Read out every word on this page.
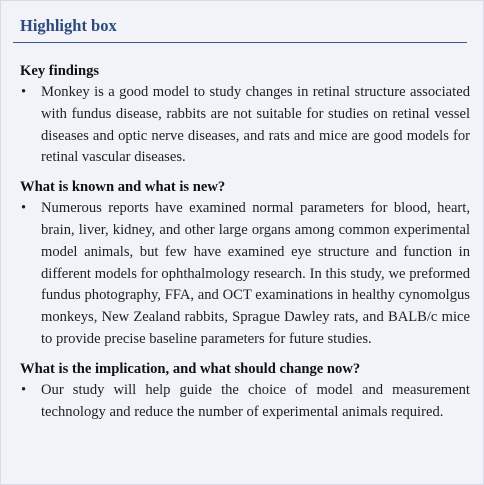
Highlight box
Key findings
• Monkey is a good model to study changes in retinal structure associated with fundus disease, rabbits are not suitable for studies on retinal vessel diseases and optic nerve diseases, and rats and mice are good models for retinal vascular diseases.
What is known and what is new?
• Numerous reports have examined normal parameters for blood, heart, brain, liver, kidney, and other large organs among common experimental model animals, but few have examined eye structure and function in different models for ophthalmology research. In this study, we preformed fundus photography, FFA, and OCT examinations in healthy cynomolgus monkeys, New Zealand rabbits, Sprague Dawley rats, and BALB/c mice to provide precise baseline parameters for future studies.
What is the implication, and what should change now?
• Our study will help guide the choice of model and measurement technology and reduce the number of experimental animals required.
